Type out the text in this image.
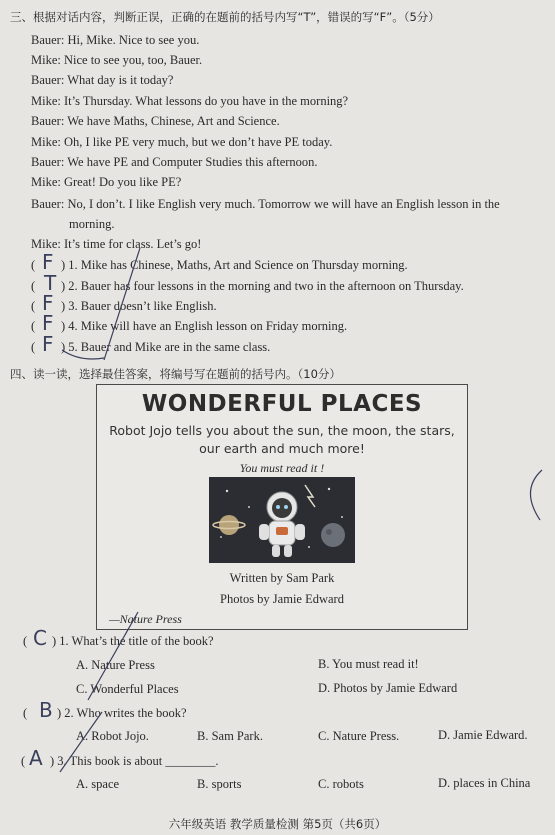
三、根据对话内容，判断正误，正确的在题前的括号内写“T”，错误的写“F”。（5分）
Bauer: Hi, Mike. Nice to see you.
Mike: Nice to see you, too, Bauer.
Bauer: What day is it today?
Mike: It’s Thursday. What lessons do you have in the morning?
Bauer: We have Maths, Chinese, Art and Science.
Mike: Oh, I like PE very much, but we don’t have PE today.
Bauer: We have PE and Computer Studies this afternoon.
Mike: Great! Do you like PE?
Bauer: No, I don’t. I like English very much. Tomorrow we will have an English lesson in the
morning.
Mike: It’s time for class. Let’s go!
( F ) 1. Mike has Chinese, Maths, Art and Science on Thursday morning.
( T ) 2. Bauer has four lessons in the morning and two in the afternoon on Thursday.
( F ) 3. Bauer doesn’t like English.
( F ) 4. Mike will have an English lesson on Friday morning.
( F ) 5. Bauer and Mike are in the same class.
四、读一读，选择最佳答案，将编号写在题前的括号内。（10分）
WONDERFUL PLACES
Robot Jojo tells you about the sun, the moon, the stars,
our earth and much more!
You must read it !
Written by Sam Park
Photos by Jamie Edward
—Nature Press
( C ) 1. What’s the title of the book?
A. Nature Press	B. You must read it!
C. Wonderful Places	D. Photos by Jamie Edward
( B ) 2. Who writes the book?
A. Robot Jojo.	B. Sam Park.	C. Nature Press.	D. Jamie Edward.
( A ) 3. This book is about ________.
A. space	B. sports	C. robots	D. places in China
六年级英语 教学质量检测 第5页（共6页）
